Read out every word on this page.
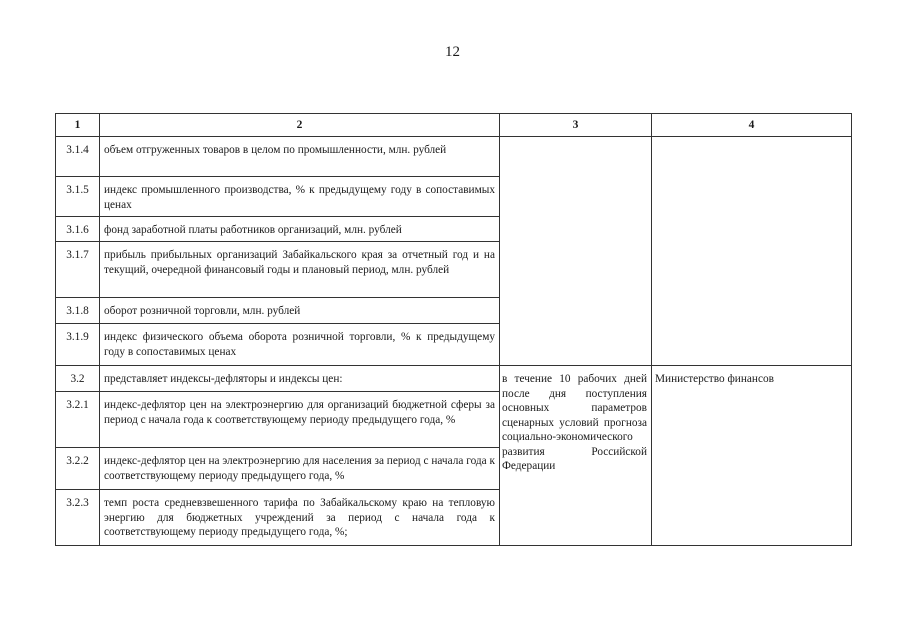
12
1	2	3	4
3.1.4	объем отгруженных товаров в целом по промышленности, млн. рублей		
3.1.5	индекс промышленного производства, % к предыдущему году в сопоставимых ценах		
3.1.6	фонд заработной платы работников организаций, млн. рублей		
3.1.7	прибыль прибыльных организаций Забайкальского края за отчетный год и на текущий, очередной финансовый годы и плановый период, млн. рублей		
3.1.8	оборот розничной торговли, млн. рублей		
3.1.9	индекс физического объема оборота розничной торговли, % к предыдущему году в сопоставимых ценах		
3.2	представляет индексы-дефляторы и индексы цен:	в течение 10 рабочих дней после дня поступления основных параметров сценарных условий прогноза социально-экономического развития Российской Федерации	Министерство финансов
3.2.1	индекс-дефлятор цен на электроэнергию для организаций бюджетной сферы за период с начала года к соответствующему периоду предыдущего года, %		
3.2.2	индекс-дефлятор цен на электроэнергию для населения за период с начала года к соответствующему периоду предыдущего года, %		
3.2.3	темп роста средневзвешенного тарифа по Забайкальскому краю на тепловую энергию для бюджетных учреждений за период с начала года к соответствующему периоду предыдущего года, %;		
